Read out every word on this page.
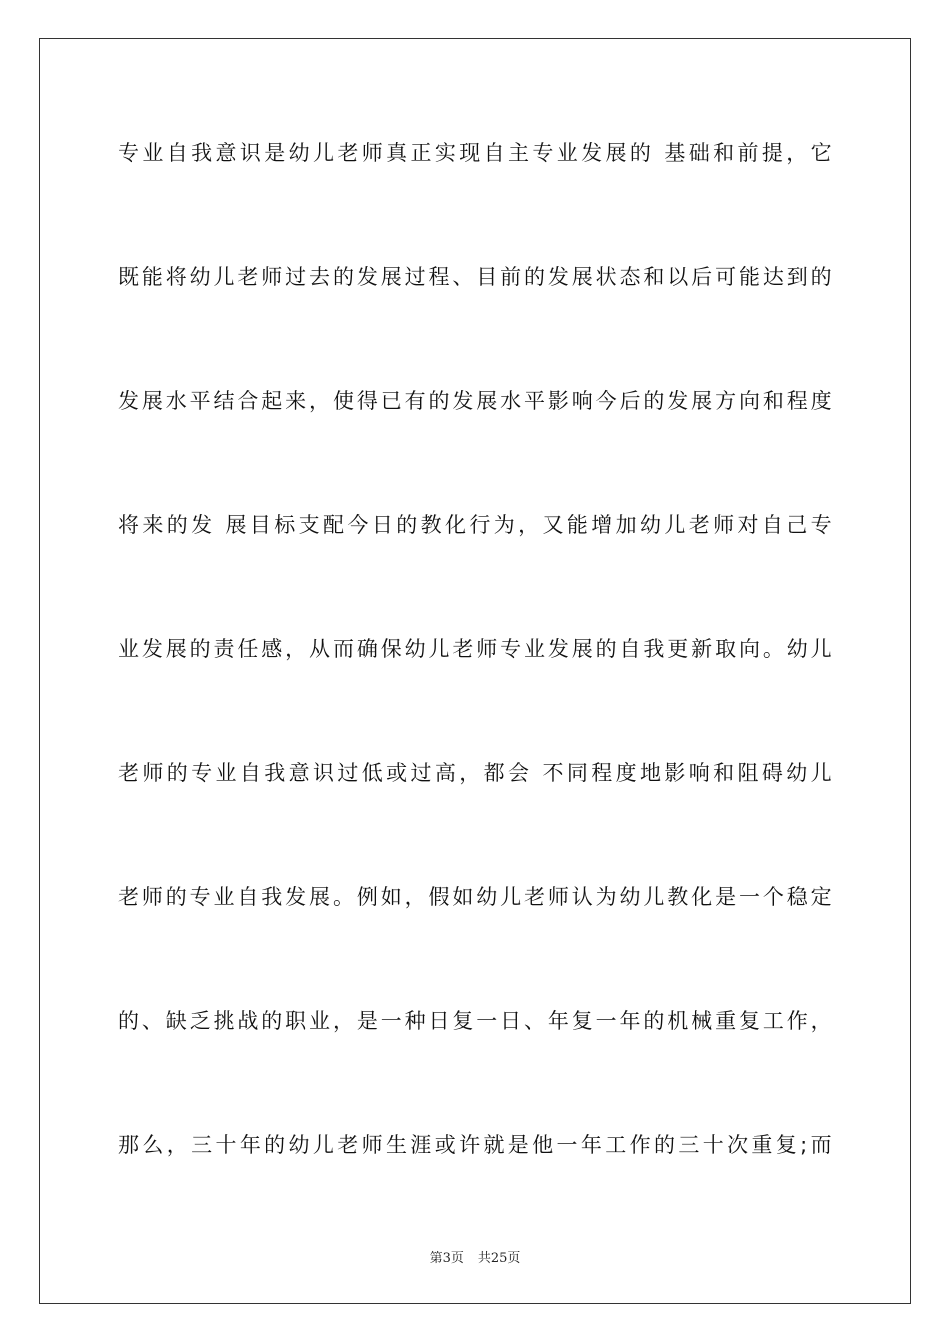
专业自我意识是幼儿老师真正实现自主专业发展的 基础和前提，它
既能将幼儿老师过去的发展过程、目前的发展状态和以后可能达到的
发展水平结合起来，使得已有的发展水平影响今后的发展方向和程度
将来的发 展目标支配今日的教化行为，又能增加幼儿老师对自己专
业发展的责任感，从而确保幼儿老师专业发展的自我更新取向。幼儿
老师的专业自我意识过低或过高，都会 不同程度地影响和阻碍幼儿
老师的专业自我发展。例如，假如幼儿老师认为幼儿教化是一个稳定
的、缺乏挑战的职业，是一种日复一日、年复一年的机械重复工作，
那么，三十年的幼儿老师生涯或许就是他一年工作的三十次重复;而
第3页 共25页
